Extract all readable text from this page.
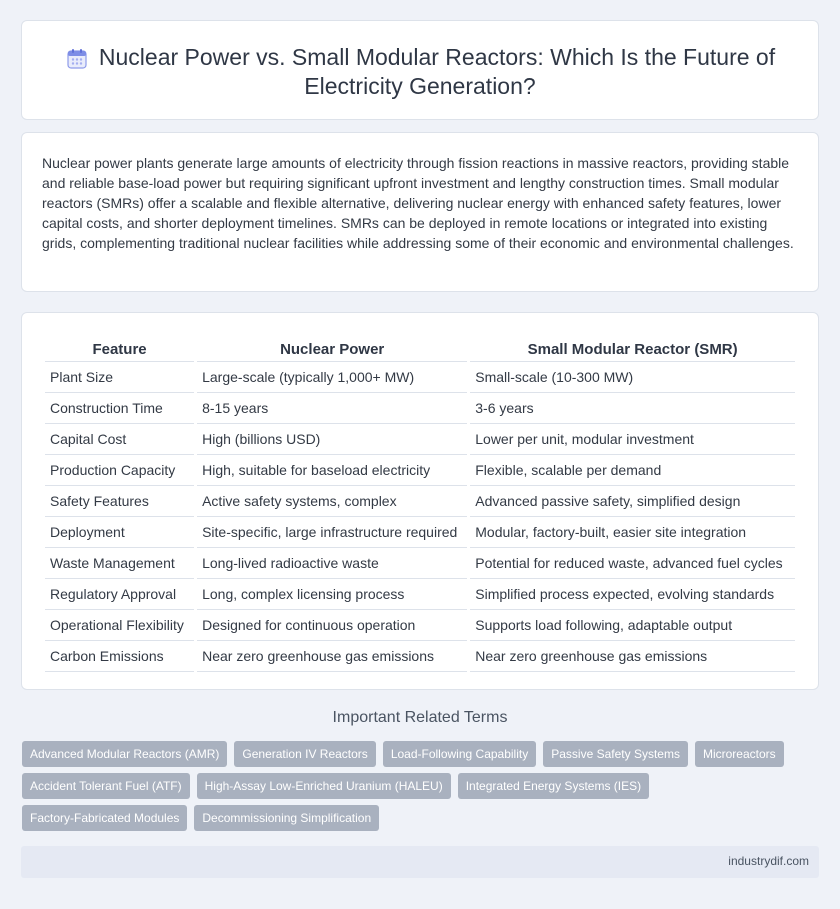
Nuclear Power vs. Small Modular Reactors: Which Is the Future of Electricity Generation?

Nuclear power plants generate large amounts of electricity through fission reactions in massive reactors, providing stable and reliable base-load power but requiring significant upfront investment and lengthy construction times. Small modular reactors (SMRs) offer a scalable and flexible alternative, delivering nuclear energy with enhanced safety features, lower capital costs, and shorter deployment timelines. SMRs can be deployed in remote locations or integrated into existing grids, complementing traditional nuclear facilities while addressing some of their economic and environmental challenges.

Feature	Nuclear Power	Small Modular Reactor (SMR)
Plant Size	Large-scale (typically 1,000+ MW)	Small-scale (10-300 MW)
Construction Time	8-15 years	3-6 years
Capital Cost	High (billions USD)	Lower per unit, modular investment
Production Capacity	High, suitable for baseload electricity	Flexible, scalable per demand
Safety Features	Active safety systems, complex	Advanced passive safety, simplified design
Deployment	Site-specific, large infrastructure required	Modular, factory-built, easier site integration
Waste Management	Long-lived radioactive waste	Potential for reduced waste, advanced fuel cycles
Regulatory Approval	Long, complex licensing process	Simplified process expected, evolving standards
Operational Flexibility	Designed for continuous operation	Supports load following, adaptable output
Carbon Emissions	Near zero greenhouse gas emissions	Near zero greenhouse gas emissions
Important Related Terms
Advanced Modular Reactors (AMR)	Generation IV Reactors	Load-Following Capability	Passive Safety Systems	Microreactors
Accident Tolerant Fuel (ATF)	High-Assay Low-Enriched Uranium (HALEU)	Integrated Energy Systems (IES)
Factory-Fabricated Modules	Decommissioning Simplification
industrydif.com
